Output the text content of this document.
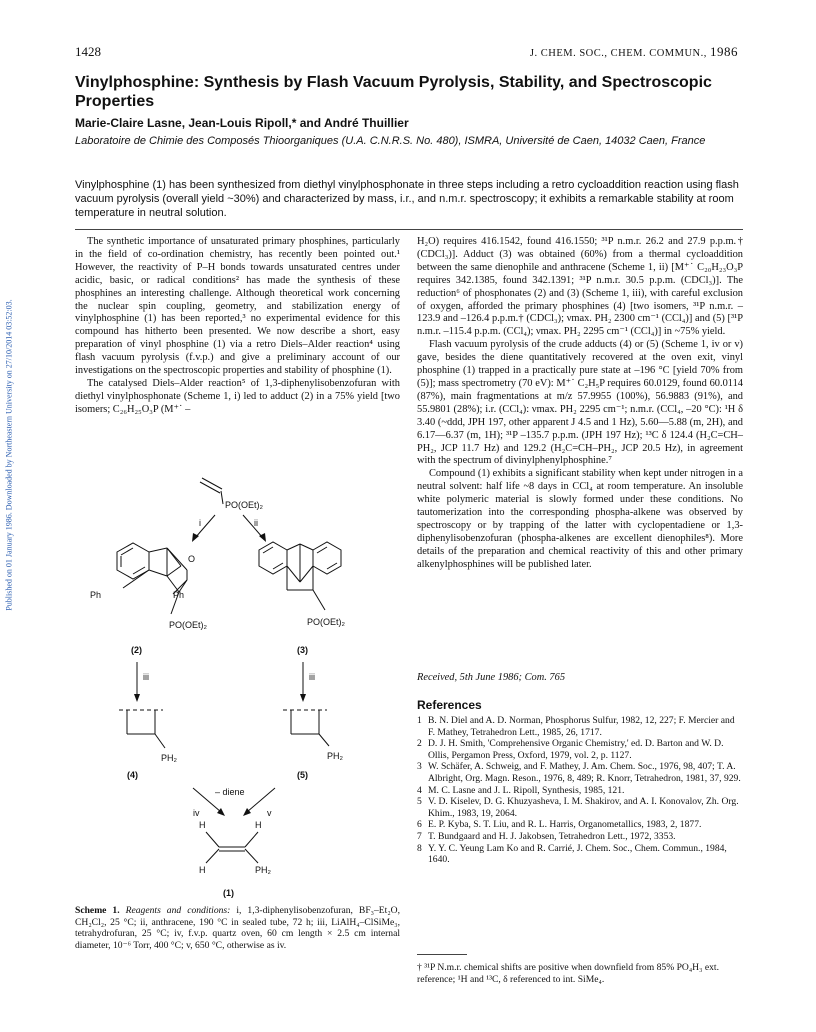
Published on 01 January 1986. Downloaded by Northeastern University on 27/10/2014 03:52:03.
1428	J. CHEM. SOC., CHEM. COMMUN., 1986
Vinylphosphine: Synthesis by Flash Vacuum Pyrolysis, Stability, and Spectroscopic Properties
Marie-Claire Lasne, Jean-Louis Ripoll,* and André Thuillier
Laboratoire de Chimie des Composés Thioorganiques (U.A. C.N.R.S. No. 480), ISMRA, Université de Caen, 14032 Caen, France
Vinylphosphine (1) has been synthesized from diethyl vinylphosphonate in three steps including a retro cycloaddition reaction using flash vacuum pyrolysis (overall yield ~30%) and characterized by mass, i.r., and n.m.r. spectroscopy; it exhibits a remarkable stability at room temperature in neutral solution.

The synthetic importance of unsaturated primary phosphines, particularly in the field of co-ordination chemistry, has recently been pointed out.¹ However, the reactivity of P–H bonds towards unsaturated centres under acidic, basic, or radical conditions² has made the synthesis of these phosphines an interesting challenge. Although theoretical work concerning the nuclear spin coupling, geometry, and stabilization energy of vinylphosphine (1) has been reported,³ no experimental evidence for this compound has hitherto been presented. We now describe a short, easy preparation of vinyl phosphine (1) via a retro Diels–Alder reaction⁴ using flash vacuum pyrolysis (f.v.p.) and give a preliminary account of our investigations on the spectroscopic properties and stability of phosphine (1).

The catalysed Diels–Alder reaction⁵ of 1,3-diphenylisobenzofuran with diethyl vinylphosphonate (Scheme 1, i) led to adduct (2) in a 75% yield [two isomers; C₂₆H₂₅O₃P (M⁺˙ –

H₂O) requires 416.1542, found 416.1550; ³¹P n.m.r. 26.2 and 27.9 p.p.m.† (CDCl₃)]. Adduct (3) was obtained (60%) from a thermal cycloaddition between the same dienophile and anthracene (Scheme 1, ii) [M⁺˙ C₂₀H₂₃O₃P requires 342.1385, found 342.1391; ³¹P n.m.r. 30.5 p.p.m. (CDCl₃)]. The reduction⁶ of phosphonates (2) and (3) (Scheme 1, iii), with careful exclusion of oxygen, afforded the primary phosphines (4) [two isomers, ³¹P n.m.r. –123.9 and –126.4 p.p.m.† (CDCl₃); νmax. PH₂ 2300 cm⁻¹ (CCl₄)] and (5) [³¹P n.m.r. –115.4 p.p.m. (CCl₄); νmax. PH₂ 2295 cm⁻¹ (CCl₄)] in ~75% yield.

Flash vacuum pyrolysis of the crude adducts (4) or (5) (Scheme 1, iv or v) gave, besides the diene quantitatively recovered at the oven exit, vinyl phosphine (1) trapped in a practically pure state at –196 °C [yield 70% from (5)]; mass spectrometry (70 eV): M⁺˙ C₂H₅P requires 60.0129, found 60.0114 (87%), main fragmentations at m/z 57.9955 (100%), 56.9883 (91%), and 55.9801 (28%); i.r. (CCl₄): νmax. PH₂ 2295 cm⁻¹; n.m.r. (CCl₄, –20 °C): ¹H δ 3.40 (~ddd, JPH 197, other apparent J 4.5 and 1 Hz), 5.60—5.88 (m, 2H), and 6.17—6.37 (m, 1H); ³¹P –135.7 p.p.m. (JPH 197 Hz); ¹³C δ 124.4 (H₂C=CH–PH₂, JCP 11.7 Hz) and 129.2 (H₂C=CH–PH₂, JCP 20.5 Hz), in agreement with the spectrum of divinylphenylphosphine.⁷

Compound (1) exhibits a significant stability when kept under nitrogen in a neutral solvent: half life ~8 days in CCl₄ at room temperature. An insoluble white polymeric material is slowly formed under these conditions. No tautomerization into the corresponding phospha-alkene was observed by spectroscopy or by trapping of the latter with cyclopentadiene or 1,3-diphenylisobenzofuran (phospha-alkenes are excellent dienophiles⁸). More details of the preparation and chemical reactivity of this and other primary alkenylphosphines will be published later.

PO(OEt)₂
i	ii
O
Ph	Ph
PO(OEt)₂
(2)
PO(OEt)₂
(3)
iii	iii
PH₂
(4)
PH₂
(5)
iv	v
– diene
H	H
H	PH₂
(1)
Scheme 1. Reagents and conditions: i, 1,3-diphenylisobenzofuran, BF₃–Et₂O, CH₂Cl₂, 25 °C; ii, anthracene, 190 °C in sealed tube, 72 h; iii, LiAlH₄–ClSiMe₃, tetrahydrofuran, 25 °C; iv, f.v.p. quartz oven, 60 cm length × 2.5 cm internal diameter, 10⁻⁶ Torr, 400 °C; v, 650 °C, otherwise as iv.
Received, 5th June 1986; Com. 765
References
1 B. N. Diel and A. D. Norman, Phosphorus Sulfur, 1982, 12, 227; F. Mercier and F. Mathey, Tetrahedron Lett., 1985, 26, 1717.
2 D. J. H. Smith, 'Comprehensive Organic Chemistry,' ed. D. Barton and W. D. Ollis, Pergamon Press, Oxford, 1979, vol. 2, p. 1127.
3 W. Schäfer, A. Schweig, and F. Mathey, J. Am. Chem. Soc., 1976, 98, 407; T. A. Albright, Org. Magn. Reson., 1976, 8, 489; R. Knorr, Tetrahedron, 1981, 37, 929.
4 M. C. Lasne and J. L. Ripoll, Synthesis, 1985, 121.
5 V. D. Kiselev, D. G. Khuzyasheva, I. M. Shakirov, and A. I. Konovalov, Zh. Org. Khim., 1983, 19, 2064.
6 E. P. Kyba, S. T. Liu, and R. L. Harris, Organometallics, 1983, 2, 1877.
7 T. Bundgaard and H. J. Jakobsen, Tetrahedron Lett., 1972, 3353.
8 Y. Y. C. Yeung Lam Ko and R. Carrié, J. Chem. Soc., Chem. Commun., 1984, 1640.
† ³¹P N.m.r. chemical shifts are positive when downfield from 85% PO₄H₃ ext. reference; ¹H and ¹³C, δ referenced to int. SiMe₄.
